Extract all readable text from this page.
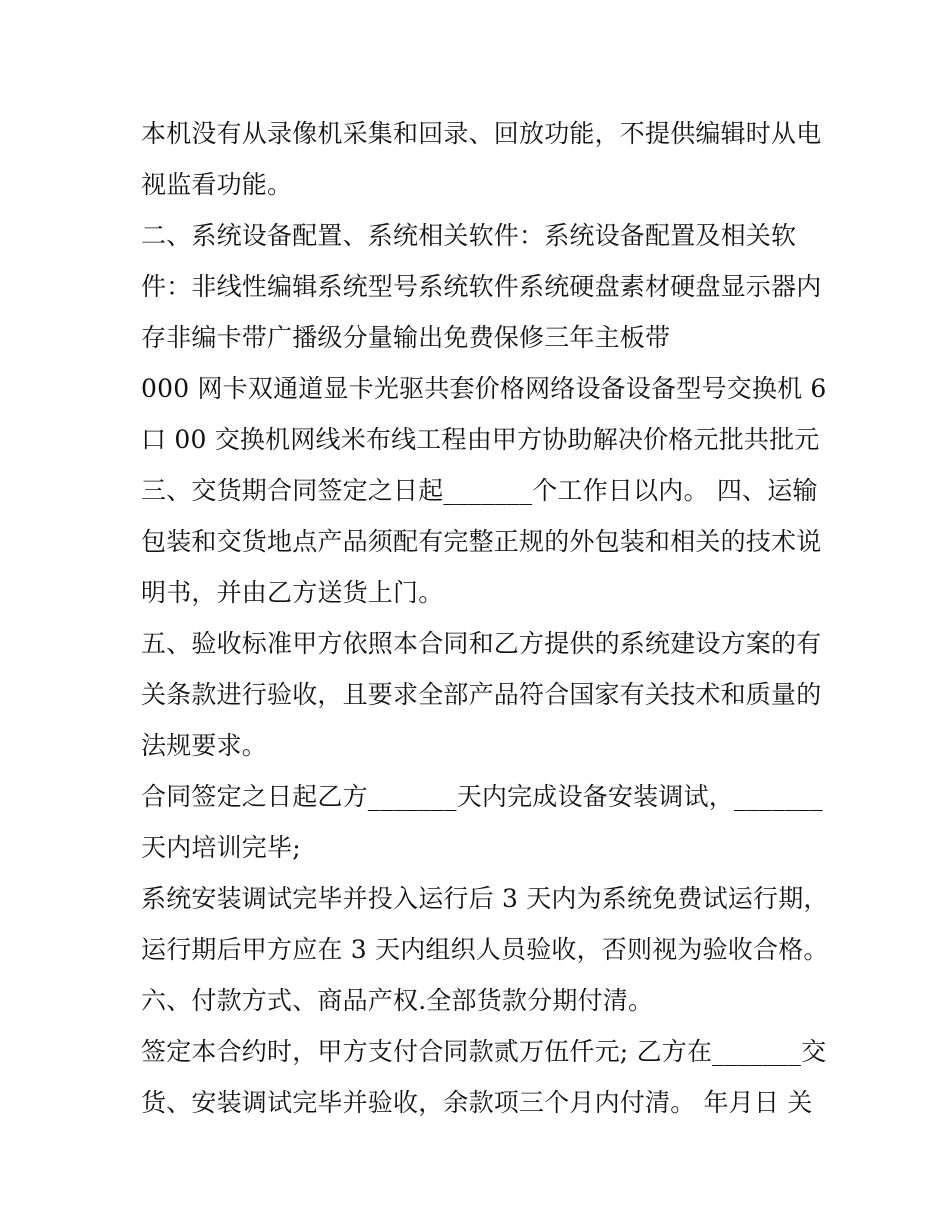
本机没有从录像机采集和回录、回放功能，不提供编辑时从电
视监看功能。
二、系统设备配置、系统相关软件：系统设备配置及相关软
件：非线性编辑系统型号系统软件系统硬盘素材硬盘显示器内
存非编卡带广播级分量输出免费保修三年主板带
000 网卡双通道显卡光驱共套价格网络设备设备型号交换机 6
口 00 交换机网线米布线工程由甲方协助解决价格元批共批元
三、交货期合同签定之日起_______个工作日以内。 四、运输
包装和交货地点产品须配有完整正规的外包装和相关的技术说
明书，并由乙方送货上门。
五、验收标准甲方依照本合同和乙方提供的系统建设方案的有
关条款进行验收，且要求全部产品符合国家有关技术和质量的
法规要求。
合同签定之日起乙方_______天内完成设备安装调试，_______
天内培训完毕;
系统安装调试完毕并投入运行后 3 天内为系统免费试运行期，
运行期后甲方应在 3 天内组织人员验收，否则视为验收合格。
六、付款方式、商品产权.全部货款分期付清。
签定本合约时，甲方支付合同款贰万伍仟元; 乙方在_______交
货、安装调试完毕并验收，余款项三个月内付清。 年月日 关
